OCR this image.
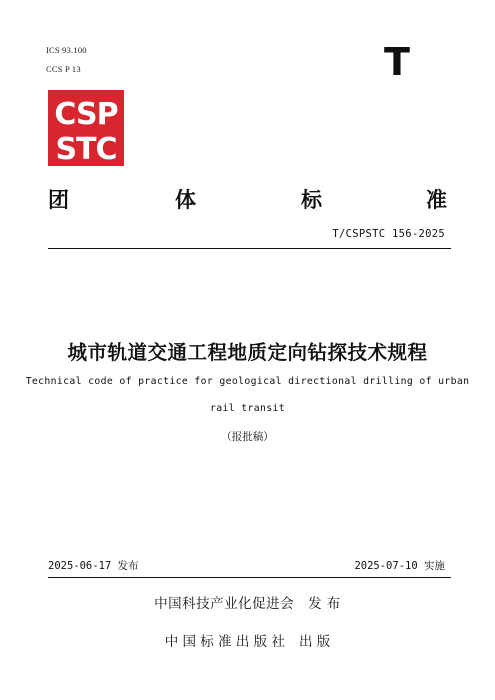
ICS 93.100
CCS P 13	T
CSP
STC
团	体	标	准
T/CSPSTC 156-2025
城市轨道交通工程地质定向钻探技术规程
Technical code of practice for geological directional drilling of urban
rail transit
（报批稿）
2025-06-17 发布	2025-07-10 实施
中国科技产业化促进会 发 布
中 国 标 准 出 版 社 出 版
